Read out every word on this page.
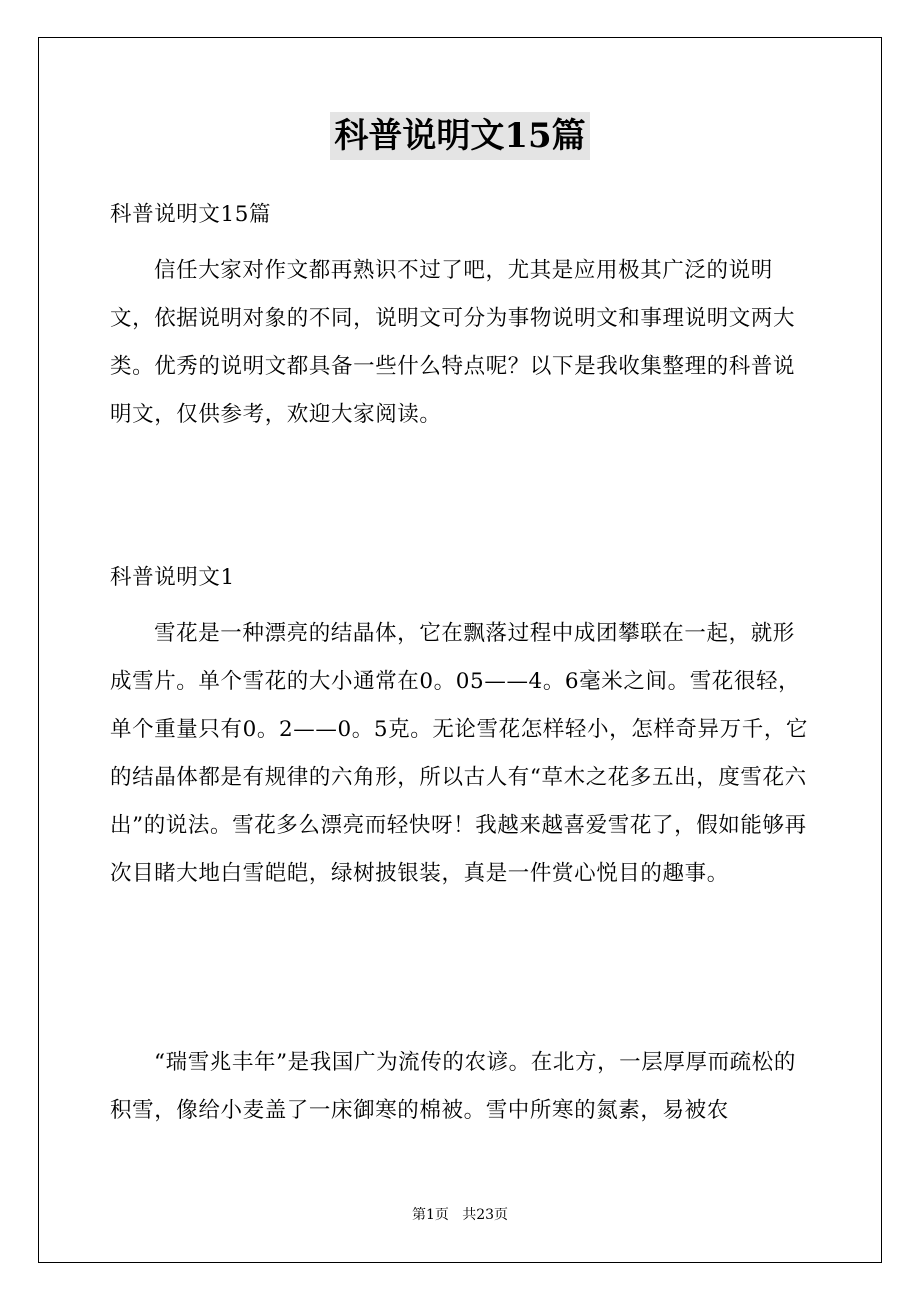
科普说明文15篇

科普说明文15篇

信任大家对作文都再熟识不过了吧，尤其是应用极其广泛的说明文，依据说明对象的不同，说明文可分为事物说明文和事理说明文两大类。优秀的说明文都具备一些什么特点呢？以下是我收集整理的科普说明文，仅供参考，欢迎大家阅读。

科普说明文1

雪花是一种漂亮的结晶体，它在飘落过程中成团攀联在一起，就形成雪片。单个雪花的大小通常在0。05——4。6毫米之间。雪花很轻，单个重量只有0。2——0。5克。无论雪花怎样轻小，怎样奇异万千，它的结晶体都是有规律的六角形，所以古人有“草木之花多五出，度雪花六出”的说法。雪花多么漂亮而轻快呀！我越来越喜爱雪花了，假如能够再次目睹大地白雪皑皑，绿树披银装，真是一件赏心悦目的趣事。

“瑞雪兆丰年”是我国广为流传的农谚。在北方，一层厚厚而疏松的积雪，像给小麦盖了一床御寒的棉被。雪中所寒的氮素，易被农

第1页   共23页
